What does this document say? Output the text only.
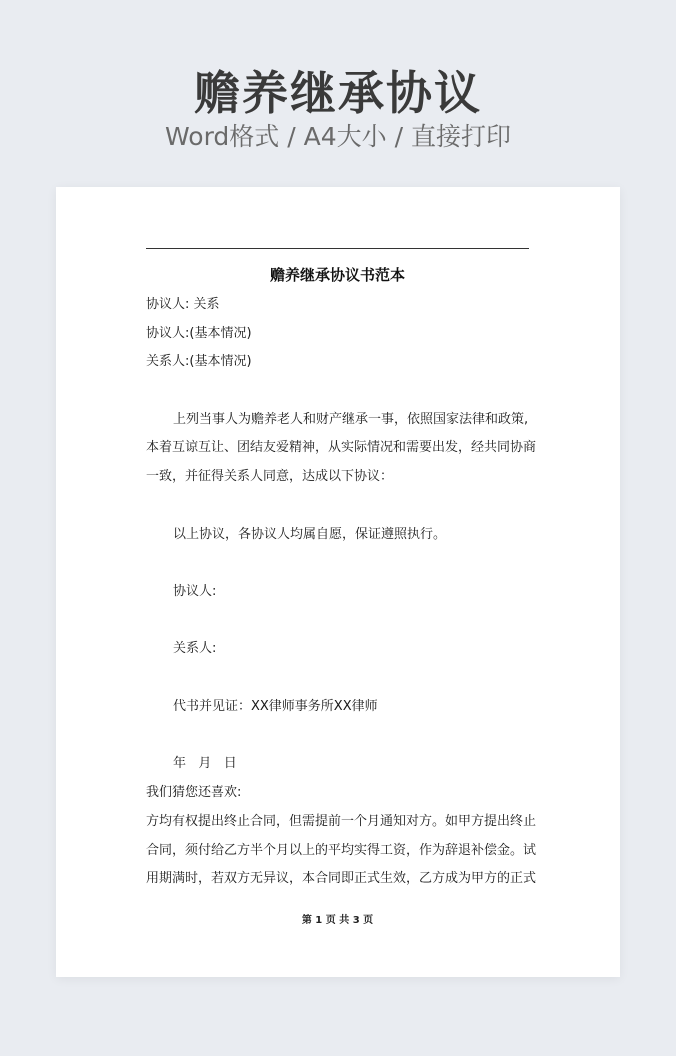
赡养继承协议
Word格式 / A4大小 / 直接打印
赡养继承协议书范本
协议人: 关系
协议人:(基本情况)
关系人:(基本情况)
上列当事人为赡养老人和财产继承一事，依照国家法律和政策,
本着互谅互让、团结友爱精神，从实际情况和需要出发，经共同协商
一致，并征得关系人同意，达成以下协议：
以上协议，各协议人均属自愿，保证遵照执行。
协议人:
关系人:
代书并见证：XX律师事务所XX律师
年   月   日
我们猜您还喜欢:
方均有权提出终止合同，但需提前一个月通知对方。如甲方提出终止
合同，须付给乙方半个月以上的平均实得工资，作为辞退补偿金。试
用期满时，若双方无异议，本合同即正式生效，乙方成为甲方的正式
第 1 页 共 3 页
